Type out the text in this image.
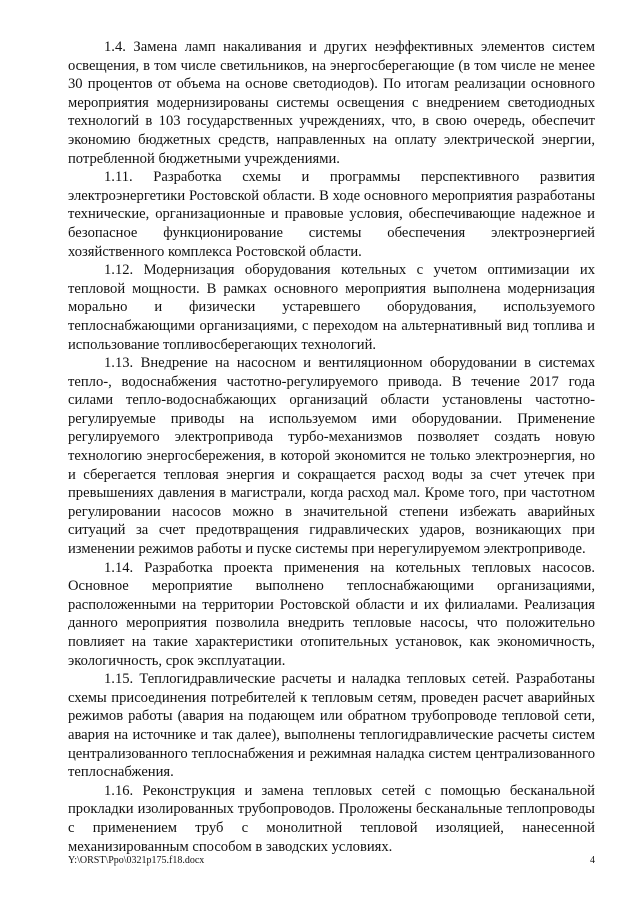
1.4. Замена ламп накаливания и других неэффективных элементов систем освещения, в том числе светильников, на энергосберегающие (в том числе не менее 30 процентов от объема на основе светодиодов). По итогам реализации основного мероприятия модернизированы системы освещения с внедрением светодиодных технологий в 103 государственных учреждениях, что, в свою очередь, обеспечит экономию бюджетных средств, направленных на оплату электрической энергии, потребленной бюджетными учреждениями.

1.11. Разработка схемы и программы перспективного развития электроэнергетики Ростовской области. В ходе основного мероприятия разработаны технические, организационные и правовые условия, обеспечивающие надежное и безопасное функционирование системы обеспечения электроэнергией хозяйственного комплекса Ростовской области.

1.12. Модернизация оборудования котельных с учетом оптимизации их тепловой мощности. В рамках основного мероприятия выполнена модернизация морально и физически устаревшего оборудования, используемого теплоснабжающими организациями, с переходом на альтернативный вид топлива и использование топливосберегающих технологий.

1.13. Внедрение на насосном и вентиляционном оборудовании в системах тепло-, водоснабжения частотно-регулируемого привода. В течение 2017 года силами тепло-водоснабжающих организаций области установлены частотно-регулируемые приводы на используемом ими оборудовании. Применение регулируемого электропривода турбо-механизмов позволяет создать новую технологию энергосбережения, в которой экономится не только электроэнергия, но и сберегается тепловая энергия и сокращается расход воды за счет утечек при превышениях давления в магистрали, когда расход мал. Кроме того, при частотном регулировании насосов можно в значительной степени избежать аварийных ситуаций за счет предотвращения гидравлических ударов, возникающих при изменении режимов работы и пуске системы при нерегулируемом электроприводе.

1.14. Разработка проекта применения на котельных тепловых насосов. Основное мероприятие выполнено теплоснабжающими организациями, расположенными на территории Ростовской области и их филиалами. Реализация данного мероприятия позволила внедрить тепловые насосы, что положительно повлияет на такие характеристики отопительных установок, как экономичность, экологичность, срок эксплуатации.

1.15. Теплогидравлические расчеты и наладка тепловых сетей. Разработаны схемы присоединения потребителей к тепловым сетям, проведен расчет аварийных режимов работы (авария на подающем или обратном трубопроводе тепловой сети, авария на источнике и так далее), выполнены теплогидравлические расчеты систем централизованного теплоснабжения и режимная наладка систем централизованного теплоснабжения.

1.16. Реконструкция и замена тепловых сетей с помощью бесканальной прокладки изолированных трубопроводов. Проложены бесканальные теплопроводы с применением труб с монолитной тепловой изоляцией, нанесенной механизированным способом в заводских условиях.

Y:\ORST\Ppo\0321p175.f18.docx	4
